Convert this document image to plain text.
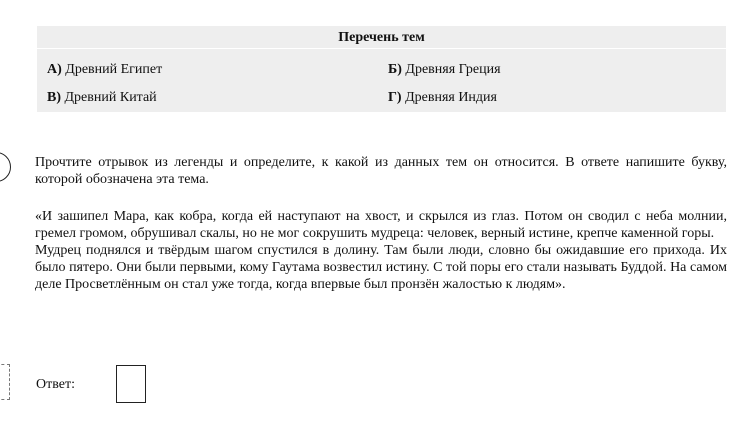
Перечень тем
А) Древний Египет	Б) Древняя Греция
В) Древний Китай	Г) Древняя Индия
Прочтите отрывок из легенды и определите, к какой из данных тем он относится. В ответе напишите букву, которой обозначена эта тема.

«И зашипел Мара, как кобра, когда ей наступают на хвост, и скрылся из глаз. Потом он сводил с неба молнии, гремел громом, обрушивал скалы, но не мог сокрушить мудреца: человек, верный истине, крепче каменной горы.

Мудрец поднялся и твёрдым шагом спустился в долину. Там были люди, словно бы ожидавшие его прихода. Их было пятеро. Они были первыми, кому Гаутама возвестил истину. С той поры его стали называть Буддой. На самом деле Просветлённым он стал уже тогда, когда впервые был пронзён жалостью к людям».

Ответ:
